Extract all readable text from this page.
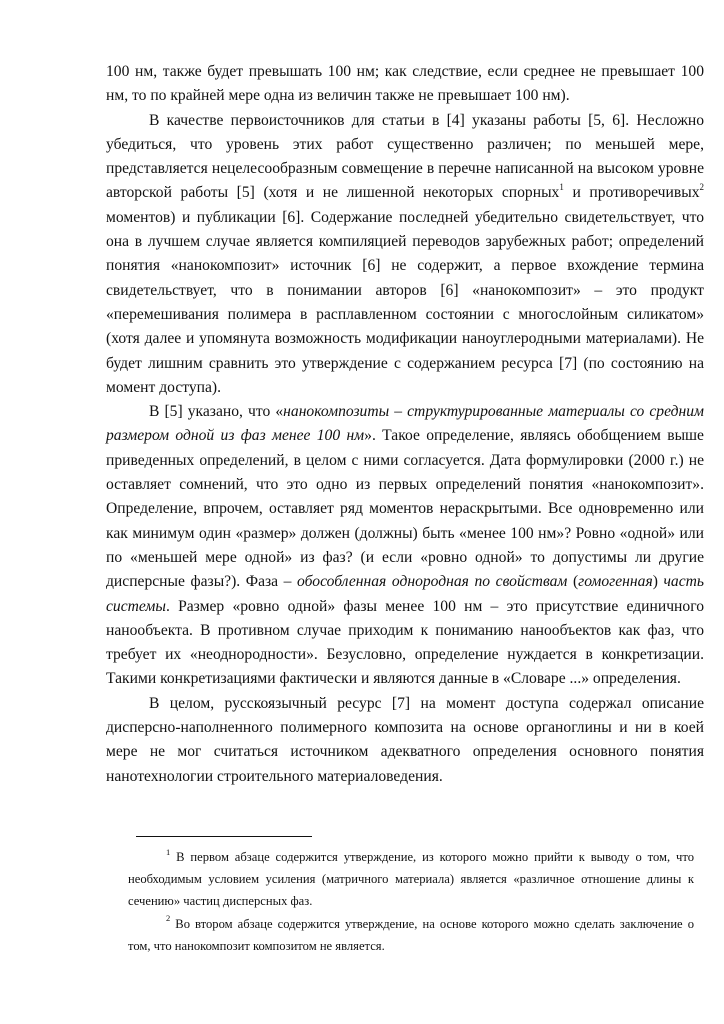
100 нм, также будет превышать 100 нм; как следствие, если среднее не превышает 100 нм, то по крайней мере одна из величин также не превышает 100 нм).

В качестве первоисточников для статьи в [4] указаны работы [5, 6]. Несложно убедиться, что уровень этих работ существенно различен; по меньшей мере, представляется нецелесообразным совмещение в перечне написанной на высоком уровне авторской работы [5] (хотя и не лишенной некоторых спорных$^1$ и противоречивых$^2$ моментов) и публикации [6]. Содержание последней убедительно свидетельствует, что она в лучшем случае является компиляцией переводов зарубежных работ; определений понятия «нанокомпозит» источник [6] не содержит, а первое вхождение термина свидетельствует, что в понимании авторов [6] «нанокомпозит» – это продукт «перемешивания полимера в расплавленном состоянии с многослойным силикатом» (хотя далее и упомянута возможность модификации наноуглеродными материалами). Не будет лишним сравнить это утверждение с содержанием ресурса [7] (по состоянию на момент доступа).

В [5] указано, что «нанокомпозиты – структурированные материалы со средним размером одной из фаз менее 100 нм». Такое определение, являясь обобщением выше приведенных определений, в целом с ними согласуется. Дата формулировки (2000 г.) не оставляет сомнений, что это одно из первых определений понятия «нанокомпозит». Определение, впрочем, оставляет ряд моментов нераскрытыми. Все одновременно или как минимум один «размер» должен (должны) быть «менее 100 нм»? Ровно «одной» или по «меньшей мере одной» из фаз? (и если «ровно одной» то допустимы ли другие дисперсные фазы?). Фаза – обособленная однородная по свойствам (гомогенная) часть системы. Размер «ровно одной» фазы менее 100 нм – это присутствие единичного нанообъекта. В противном случае приходим к пониманию нанообъектов как фаз, что требует их «неоднородности». Безусловно, определение нуждается в конкретизации. Такими конкретизациями фактически и являются данные в «Словаре ...» определения.

В целом, русскоязычный ресурс [7] на момент доступа содержал описание дисперсно-наполненного полимерного композита на основе органоглины и ни в коей мере не мог считаться источником адекватного определения основного понятия нанотехнологии строительного материаловедения.

$^1$ В первом абзаце содержится утверждение, из которого можно прийти к выводу о том, что необходимым условием усиления (матричного материала) является «различное отношение длины к сечению» частиц дисперсных фаз.

$^2$ Во втором абзаце содержится утверждение, на основе которого можно сделать заключение о том, что нанокомпозит композитом не является.
